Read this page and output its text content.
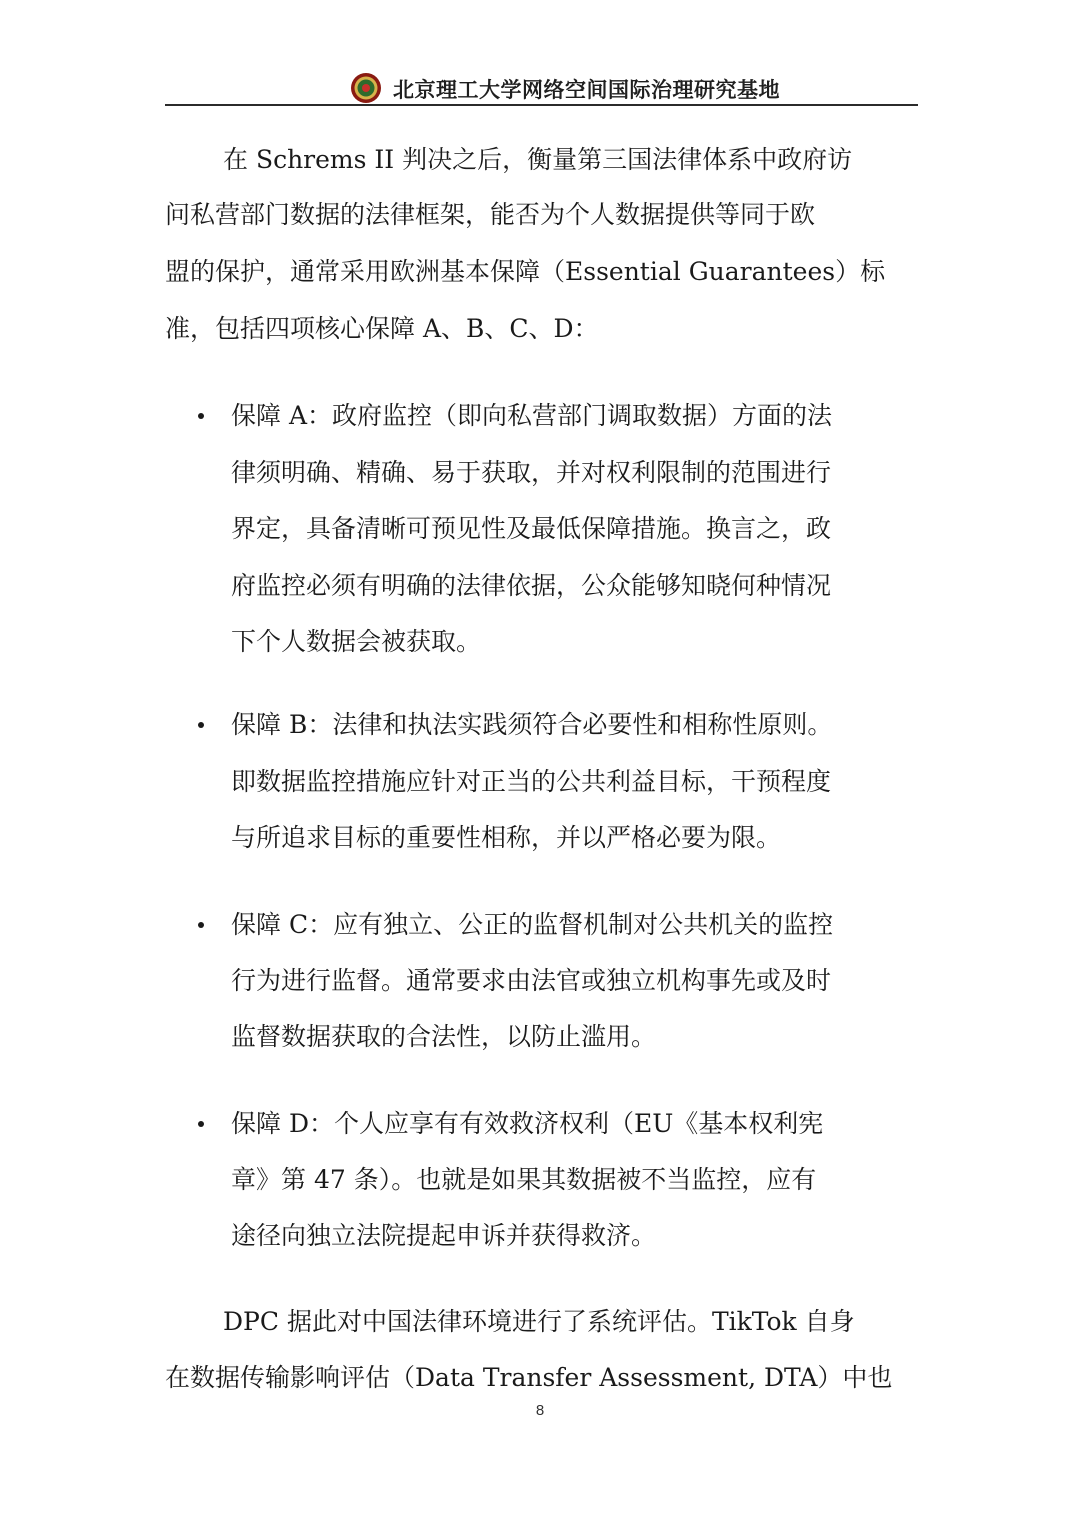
北京理工大学网络空间国际治理研究基地
在 Schrems II 判决之后，衡量第三国法律体系中政府访
问私营部门数据的法律框架，能否为个人数据提供等同于欧
盟的保护，通常采用欧洲基本保障（Essential Guarantees）标
准，包括四项核心保障 A、B、C、D：
保障 A：政府监控（即向私营部门调取数据）方面的法
律须明确、精确、易于获取，并对权利限制的范围进行
界定，具备清晰可预见性及最低保障措施。换言之，政
府监控必须有明确的法律依据，公众能够知晓何种情况
下个人数据会被获取。
保障 B：法律和执法实践须符合必要性和相称性原则。
即数据监控措施应针对正当的公共利益目标，干预程度
与所追求目标的重要性相称，并以严格必要为限。
保障 C：应有独立、公正的监督机制对公共机关的监控
行为进行监督。通常要求由法官或独立机构事先或及时
监督数据获取的合法性，以防止滥用。
保障 D：个人应享有有效救济权利（EU《基本权利宪
章》第 47 条）。也就是如果其数据被不当监控，应有
途径向独立法院提起申诉并获得救济。
DPC 据此对中国法律环境进行了系统评估。TikTok 自身
在数据传输影响评估（Data Transfer Assessment, DTA）中也
8
